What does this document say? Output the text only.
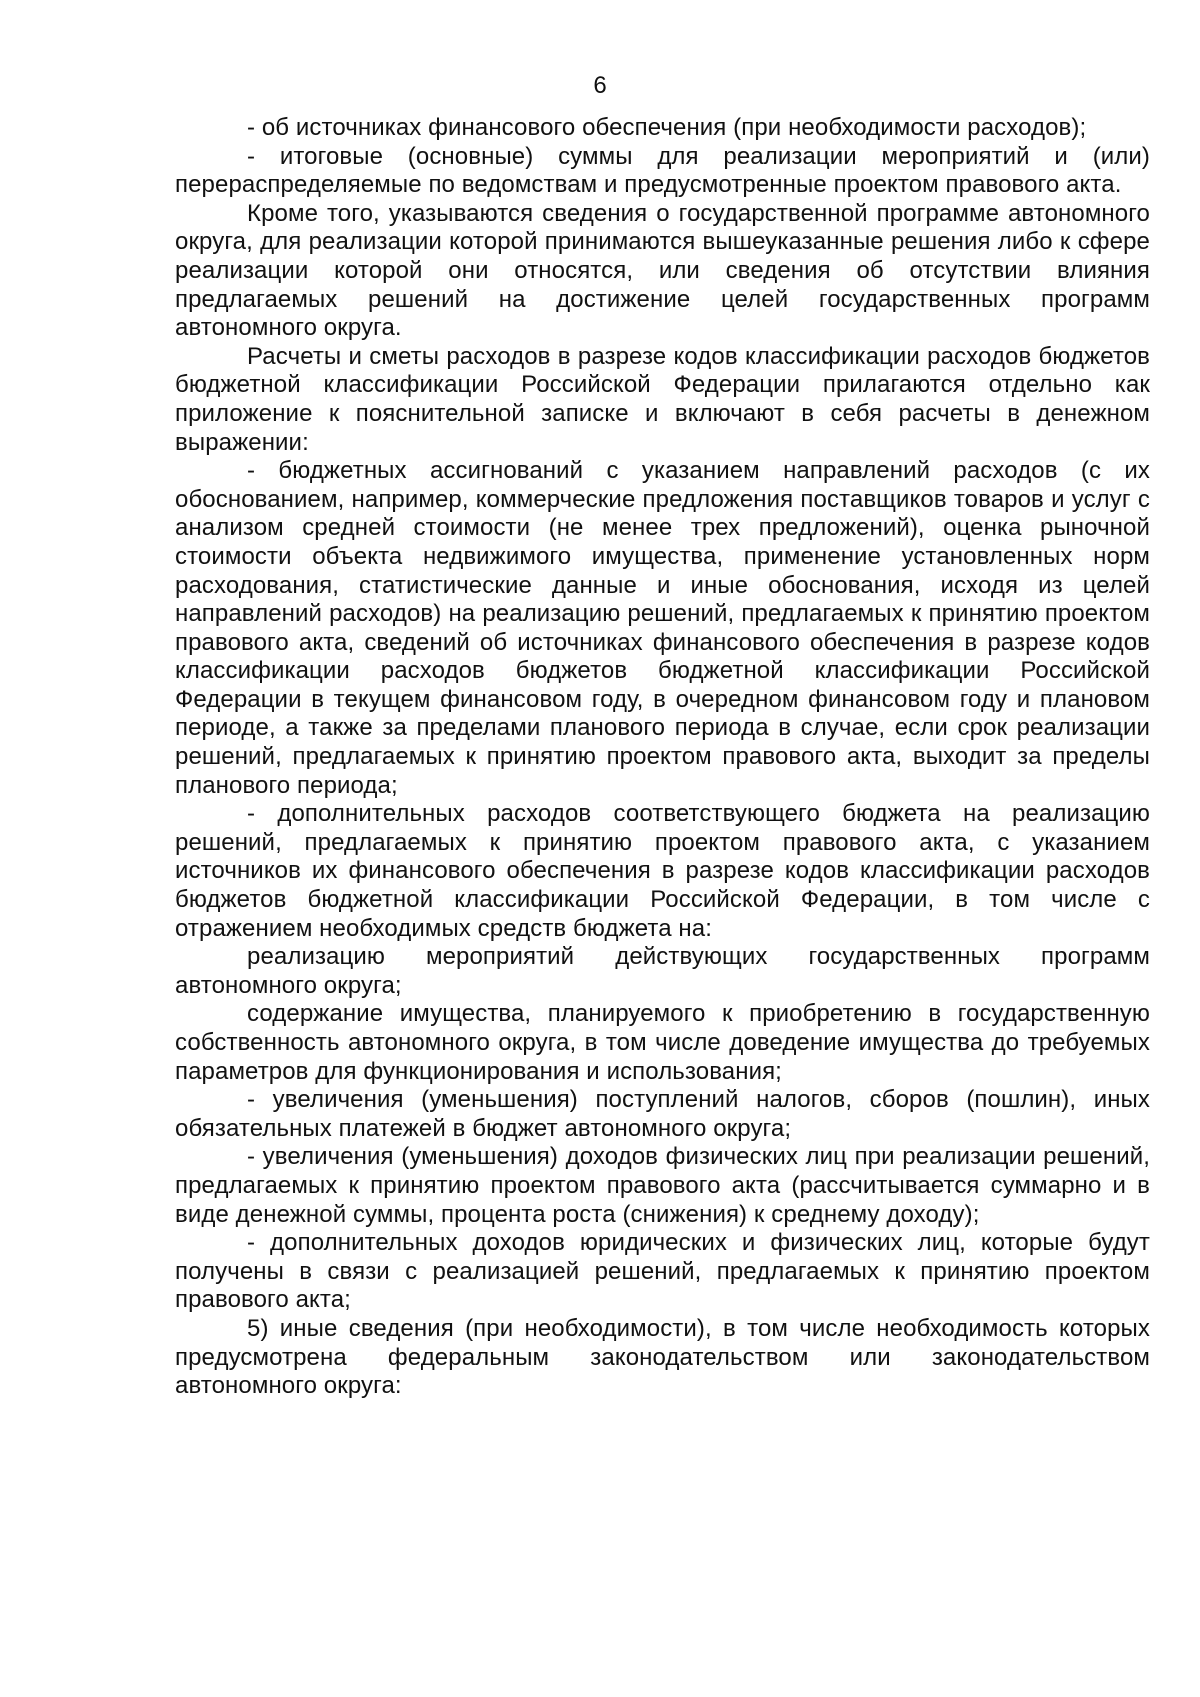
6

- об источниках финансового обеспечения (при необходимости расходов);

- итоговые (основные) суммы для реализации мероприятий и (или) перераспределяемые по ведомствам и предусмотренные проектом правового акта.

Кроме того, указываются сведения о государственной программе автономного округа, для реализации которой принимаются вышеуказанные решения либо к сфере реализации которой они относятся, или сведения об отсутствии влияния предлагаемых решений на достижение целей государственных программ автономного округа.

Расчеты и сметы расходов в разрезе кодов классификации расходов бюджетов бюджетной классификации Российской Федерации прилагаются отдельно как приложение к пояснительной записке и включают в себя расчеты в денежном выражении:

- бюджетных ассигнований с указанием направлений расходов (с их обоснованием, например, коммерческие предложения поставщиков товаров и услуг с анализом средней стоимости (не менее трех предложений), оценка рыночной стоимости объекта недвижимого имущества, применение установленных норм расходования, статистические данные и иные обоснования, исходя из целей направлений расходов) на реализацию решений, предлагаемых к принятию проектом правового акта, сведений об источниках финансового обеспечения в разрезе кодов классификации расходов бюджетов бюджетной классификации Российской Федерации в текущем финансовом году, в очередном финансовом году и плановом периоде, а также за пределами планового периода в случае, если срок реализации решений, предлагаемых к принятию проектом правового акта, выходит за пределы планового периода;

- дополнительных расходов соответствующего бюджета на реализацию решений, предлагаемых к принятию проектом правового акта, с указанием источников их финансового обеспечения в разрезе кодов классификации расходов бюджетов бюджетной классификации Российской Федерации, в том числе с отражением необходимых средств бюджета на:

реализацию мероприятий действующих государственных программ автономного округа;

содержание имущества, планируемого к приобретению в государственную собственность автономного округа, в том числе доведение имущества до требуемых параметров для функционирования и использования;

- увеличения (уменьшения) поступлений налогов, сборов (пошлин), иных обязательных платежей в бюджет автономного округа;

- увеличения (уменьшения) доходов физических лиц при реализации решений, предлагаемых к принятию проектом правового акта (рассчитывается суммарно и в виде денежной суммы, процента роста (снижения) к среднему доходу);

- дополнительных доходов юридических и физических лиц, которые будут получены в связи с реализацией решений, предлагаемых к принятию проектом правового акта;

5) иные сведения (при необходимости), в том числе необходимость которых предусмотрена федеральным законодательством или законодательством автономного округа:
